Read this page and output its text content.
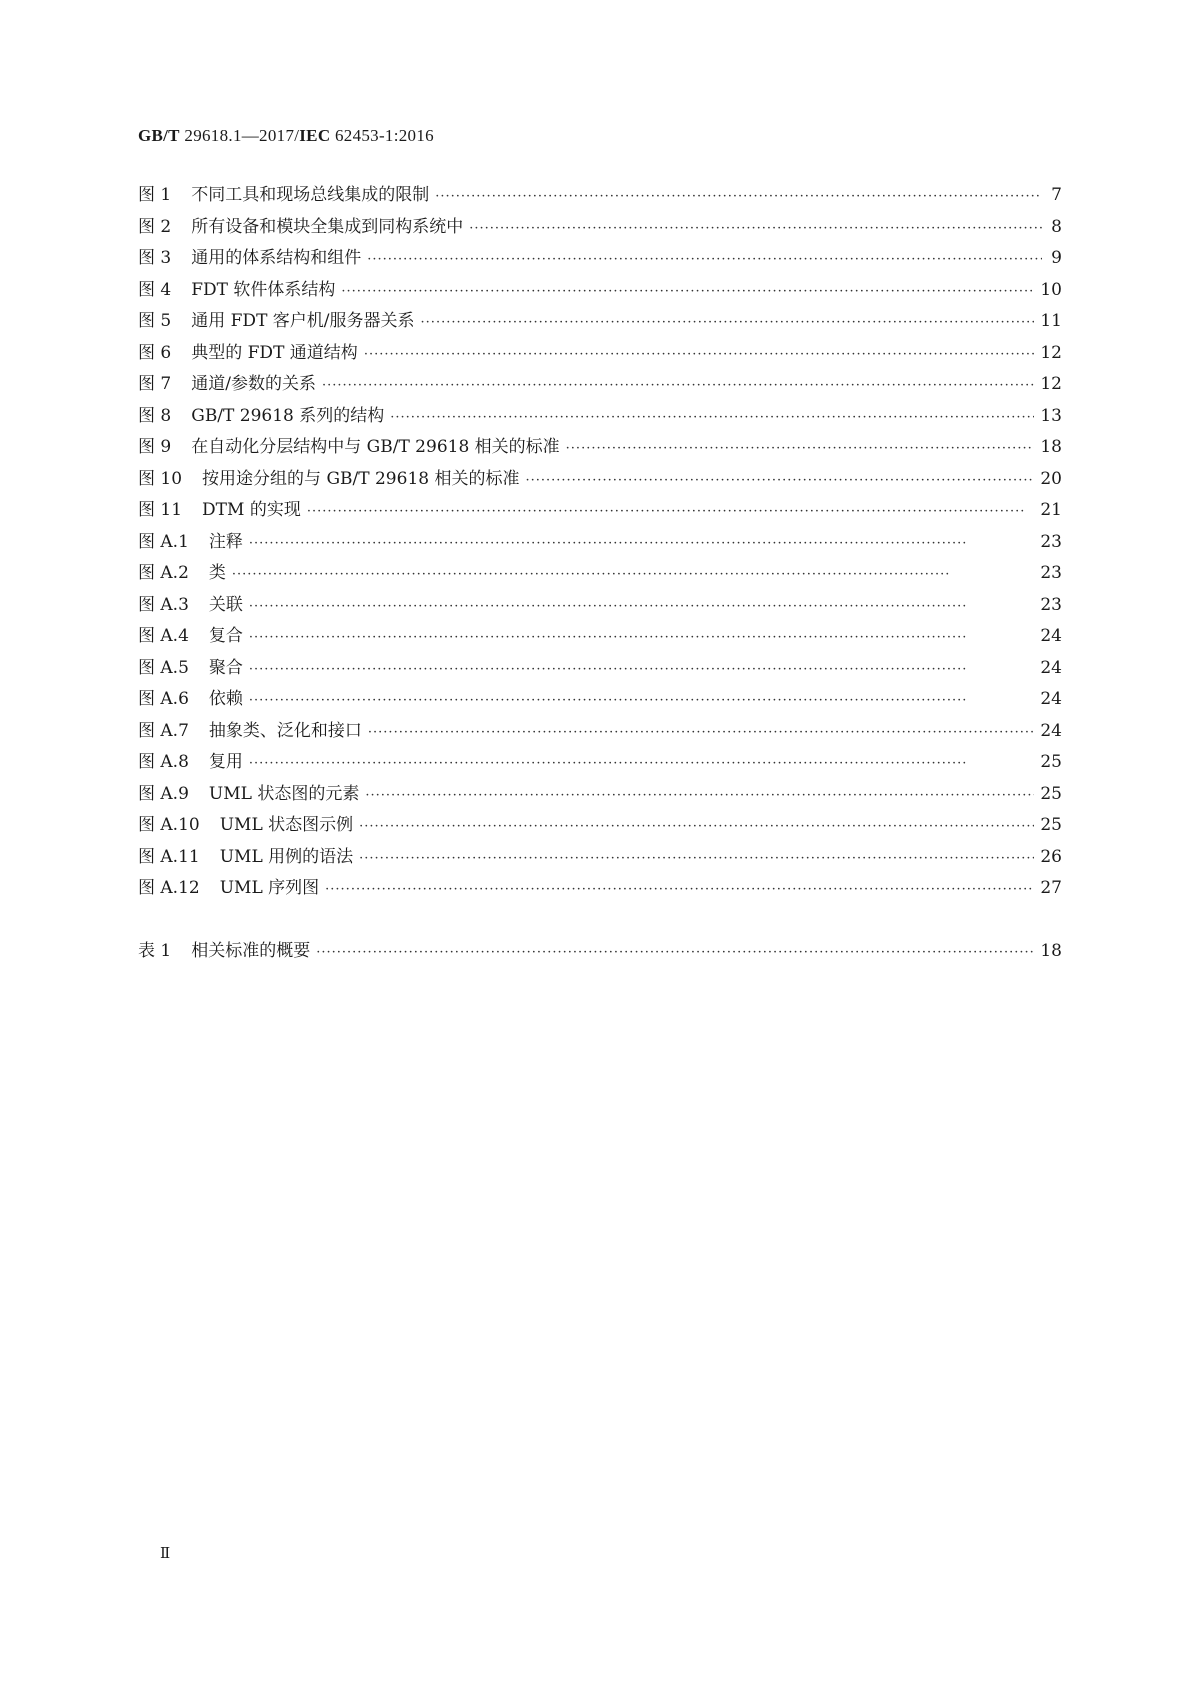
GB/T 29618.1—2017/IEC 62453-1:2016
图 1 不同工具和现场总线集成的限制 ·····	7
图 2 所有设备和模块全集成到同构系统中 ·····	8
图 3 通用的体系结构和组件 ·····	9
图 4 FDT 软件体系结构 ·····	10
图 5 通用 FDT 客户机/服务器关系 ·····	11
图 6 典型的 FDT 通道结构 ·····	12
图 7 通道/参数的关系 ·····	12
图 8 GB/T 29618 系列的结构 ·····	13
图 9 在自动化分层结构中与 GB/T 29618 相关的标准 ·····	18
图 10 按用途分组的与 GB/T 29618 相关的标准 ·····	20
图 11 DTM 的实现 ·····	21
图 A.1 注释 ·····	23
图 A.2 类 ·····	23
图 A.3 关联 ·····	23
图 A.4 复合 ·····	24
图 A.5 聚合 ·····	24
图 A.6 依赖 ·····	24
图 A.7 抽象类、泛化和接口 ·····	24
图 A.8 复用 ·····	25
图 A.9 UML 状态图的元素 ·····	25
图 A.10 UML 状态图示例 ·····	25
图 A.11 UML 用例的语法 ·····	26
图 A.12 UML 序列图 ·····	27
表 1 相关标准的概要 ·····	18
Ⅱ
